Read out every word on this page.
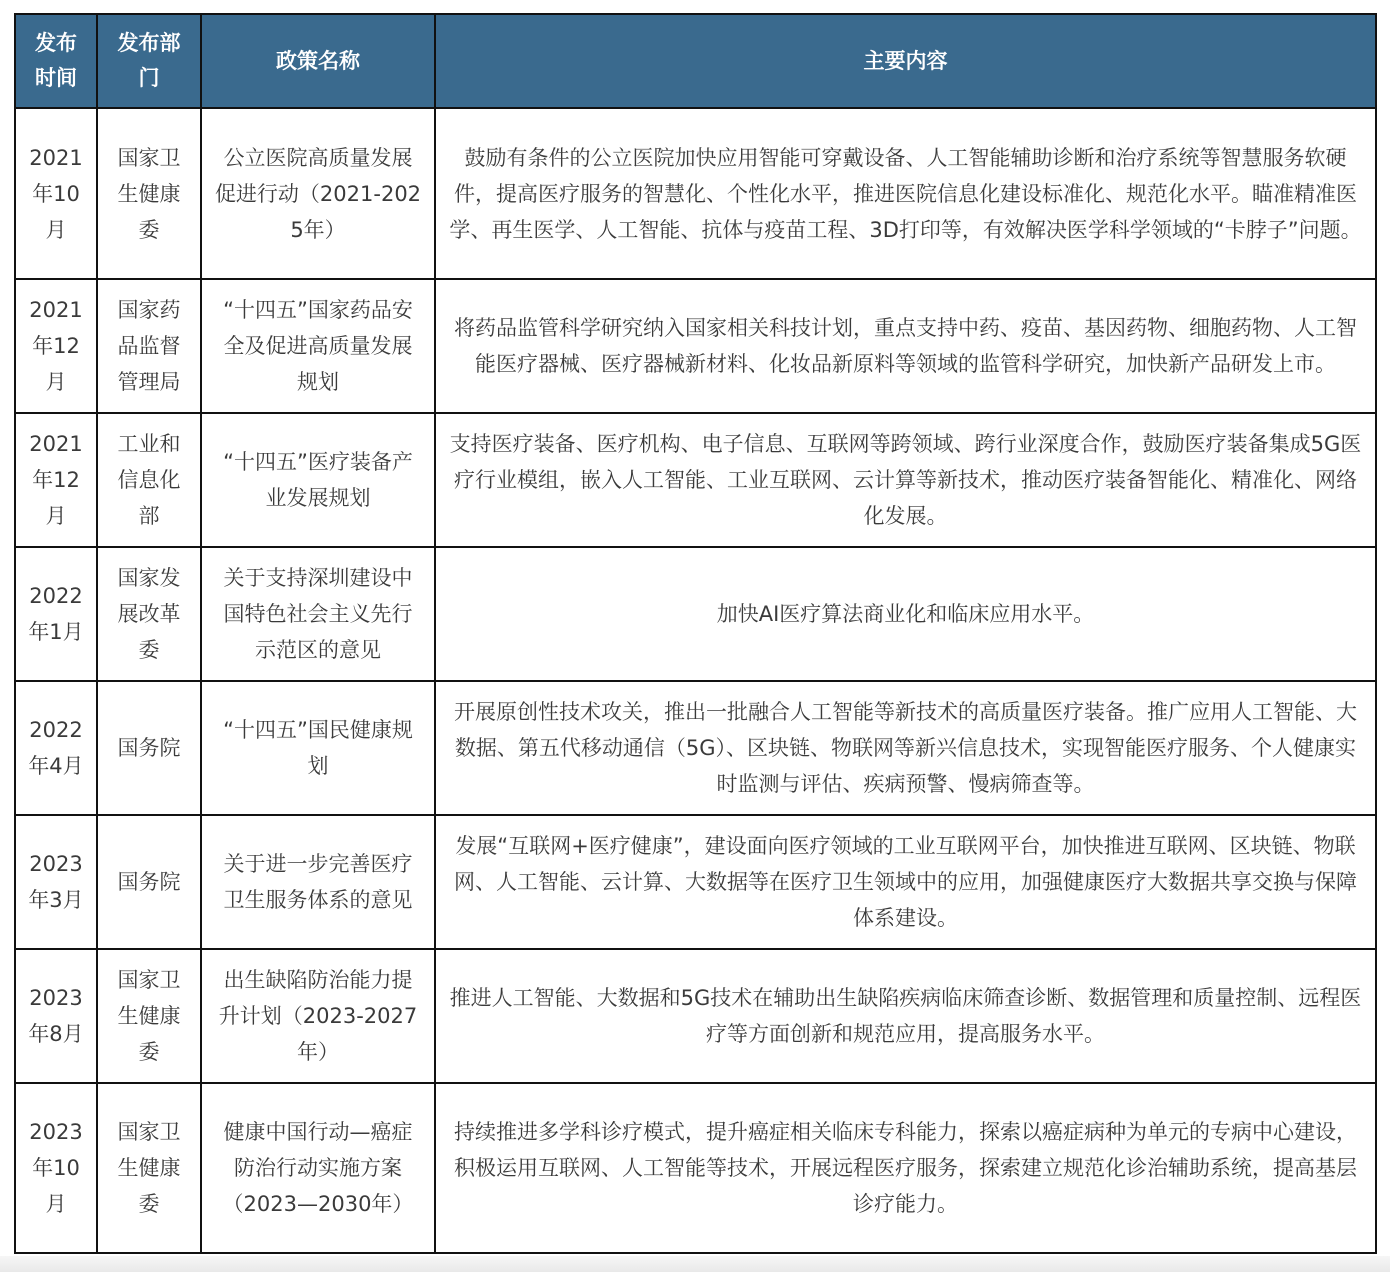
发布时间	发布部门	政策名称	主要内容
2021年10月	国家卫生健康委	公立医院高质量发展促进行动（2021-2025年）	鼓励有条件的公立医院加快应用智能可穿戴设备、人工智能辅助诊断和治疗系统等智慧服务软硬件，提高医疗服务的智慧化、个性化水平，推进医院信息化建设标准化、规范化水平。瞄准精准医学、再生医学、人工智能、抗体与疫苗工程、3D打印等，有效解决医学科学领域的“卡脖子”问题。
2021年12月	国家药品监督管理局	“十四五”国家药品安全及促进高质量发展规划	将药品监管科学研究纳入国家相关科技计划，重点支持中药、疫苗、基因药物、细胞药物、人工智能医疗器械、医疗器械新材料、化妆品新原料等领域的监管科学研究，加快新产品研发上市。
2021年12月	工业和信息化部	“十四五”医疗装备产业发展规划	支持医疗装备、医疗机构、电子信息、互联网等跨领域、跨行业深度合作，鼓励医疗装备集成5G医疗行业模组，嵌入人工智能、工业互联网、云计算等新技术，推动医疗装备智能化、精准化、网络化发展。
2022年1月	国家发展改革委	关于支持深圳建设中国特色社会主义先行示范区的意见	加快AI医疗算法商业化和临床应用水平。
2022年4月	国务院	“十四五”国民健康规划	开展原创性技术攻关，推出一批融合人工智能等新技术的高质量医疗装备。推广应用人工智能、大数据、第五代移动通信（5G）、区块链、物联网等新兴信息技术，实现智能医疗服务、个人健康实时监测与评估、疾病预警、慢病筛查等。
2023年3月	国务院	关于进一步完善医疗卫生服务体系的意见	发展“互联网+医疗健康”，建设面向医疗领域的工业互联网平台，加快推进互联网、区块链、物联网、人工智能、云计算、大数据等在医疗卫生领域中的应用，加强健康医疗大数据共享交换与保障体系建设。
2023年8月	国家卫生健康委	出生缺陷防治能力提升计划（2023-2027年）	推进人工智能、大数据和5G技术在辅助出生缺陷疾病临床筛查诊断、数据管理和质量控制、远程医疗等方面创新和规范应用，提高服务水平。
2023年10月	国家卫生健康委	健康中国行动—癌症防治行动实施方案（2023—2030年）	持续推进多学科诊疗模式，提升癌症相关临床专科能力，探索以癌症病种为单元的专病中心建设，积极运用互联网、人工智能等技术，开展远程医疗服务，探索建立规范化诊治辅助系统，提高基层诊疗能力。
